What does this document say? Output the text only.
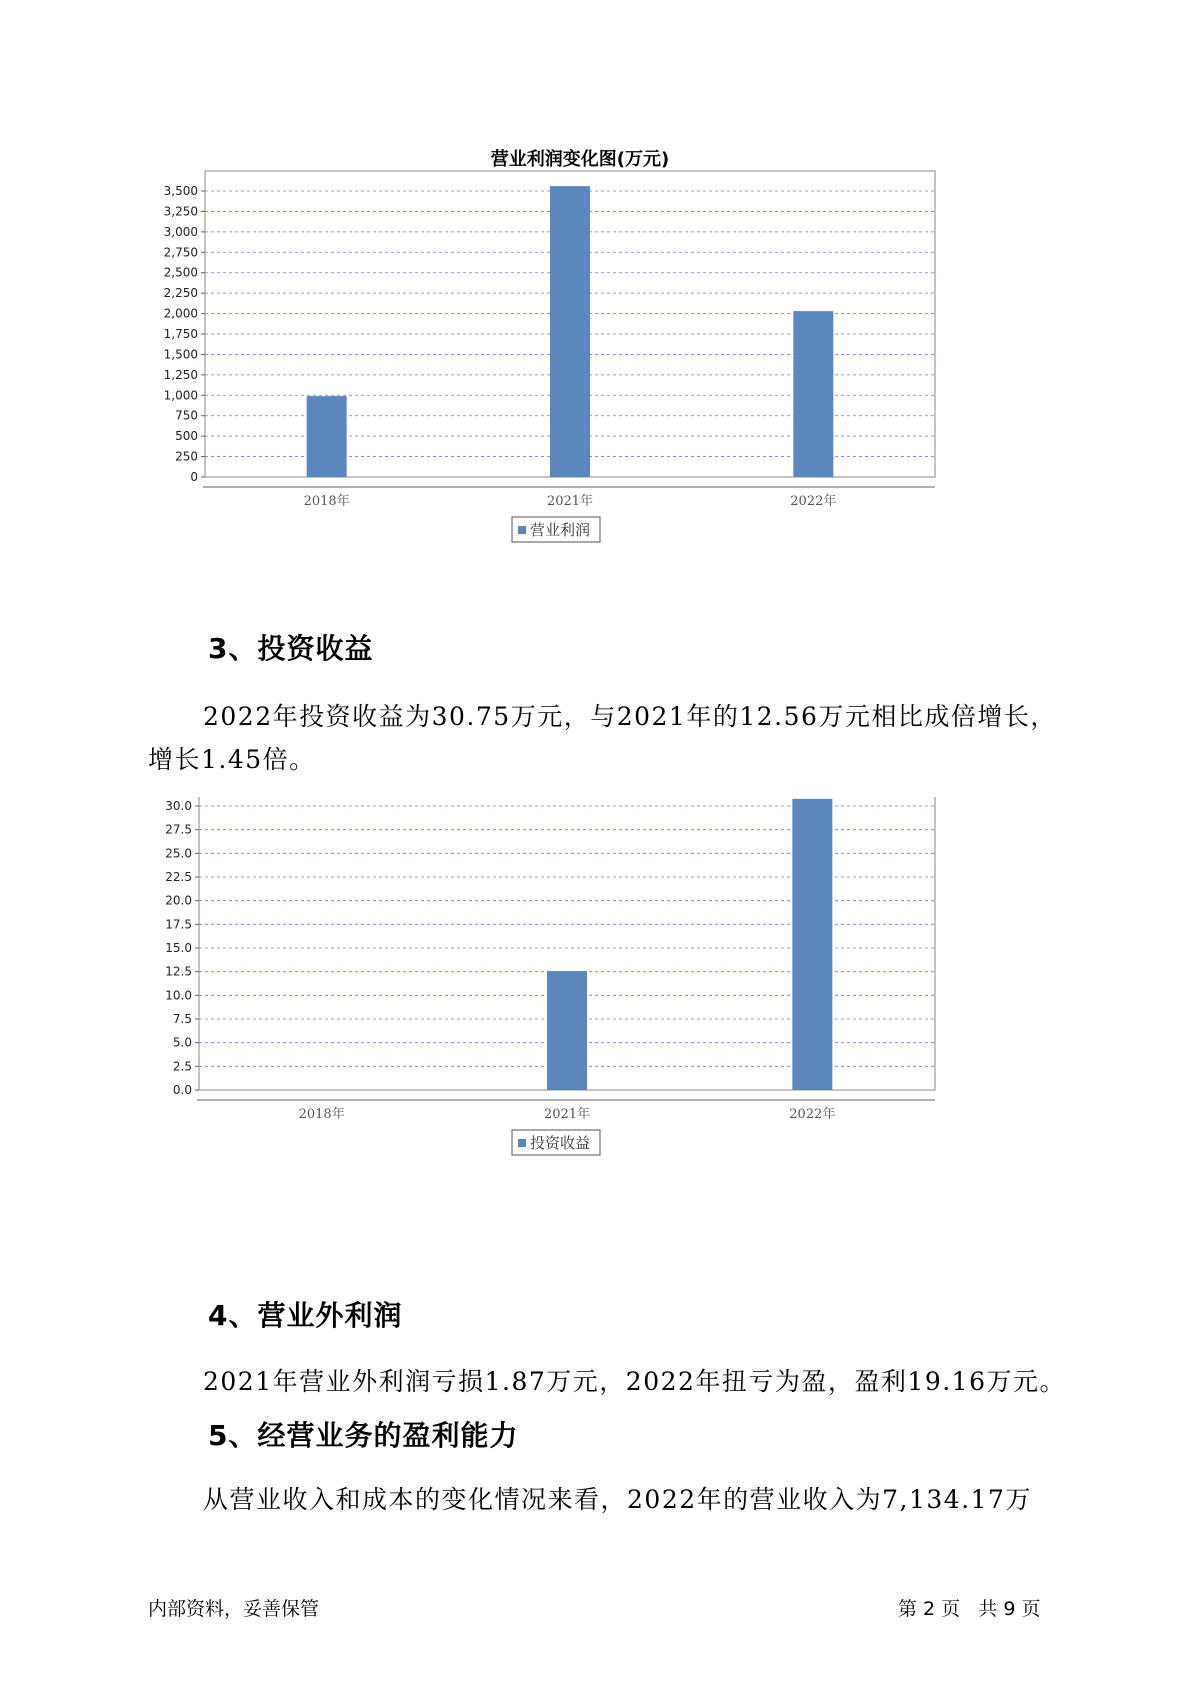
营业利润变化图(万元)
0
250
500
750
1,000
1,250
1,500
1,750
2,000
2,250
2,500
2,750
3,000
3,250
3,500
2018年	2021年	2022年
营业利润
3、投资收益
2022年投资收益为30.75万元，与2021年的12.56万元相比成倍增长，
增长1.45倍。
0.0
2.5
5.0
7.5
10.0
12.5
15.0
17.5
20.0
22.5
25.0
27.5
30.0
2018年	2021年	2022年
投资收益
4、营业外利润
2021年营业外利润亏损1.87万元，2022年扭亏为盈，盈利19.16万元。
5、经营业务的盈利能力
从营业收入和成本的变化情况来看，2022年的营业收入为7,134.17万
内部资料，妥善保管	第 2 页   共 9 页
